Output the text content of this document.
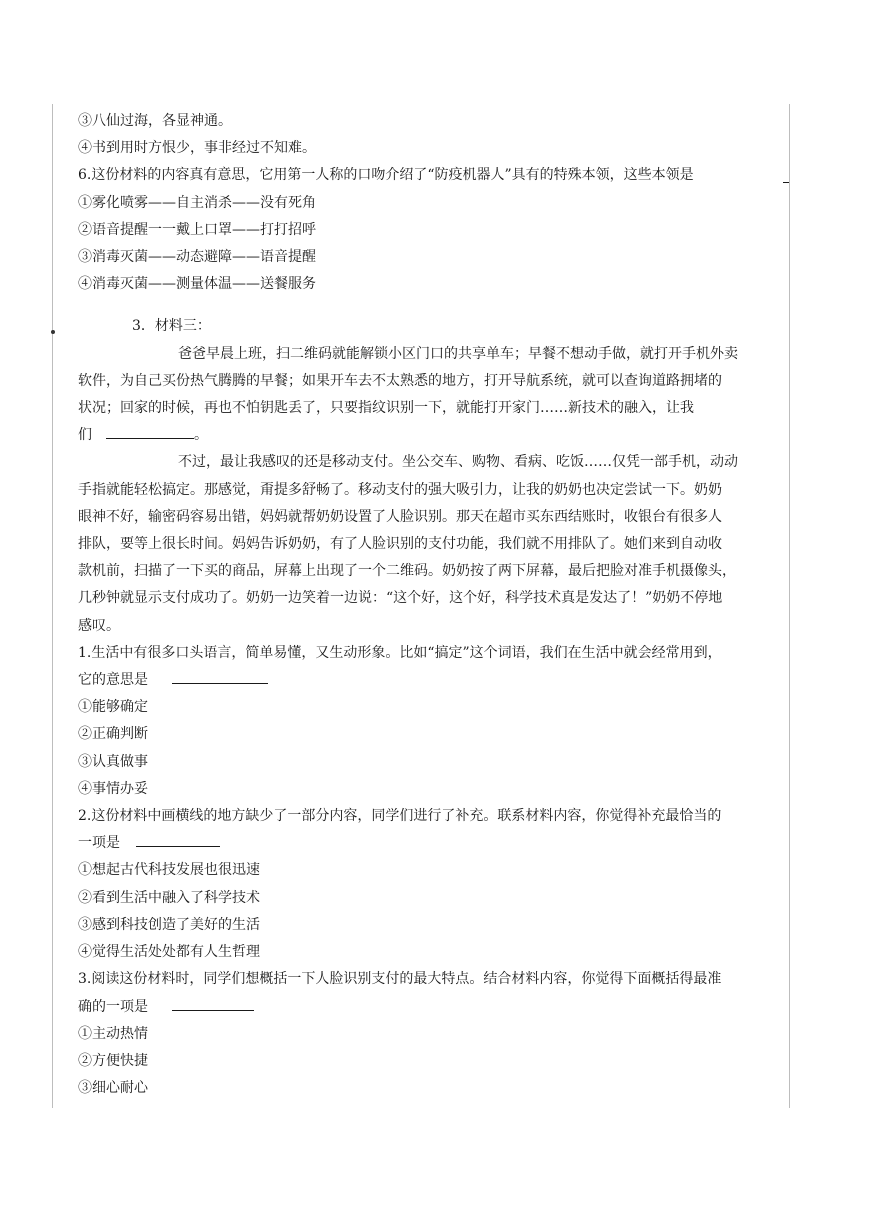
③八仙过海，各显神通。
④书到用时方恨少，事非经过不知难。
6.这份材料的内容真有意思，它用第一人称的口吻介绍了“防疫机器人”具有的特殊本领，这些本领是
①雾化喷雾——自主消杀——没有死角
②语音提醒一一戴上口罩——打打招呼
③消毒灭菌——动态避障——语音提醒
④消毒灭菌——测量体温——送餐服务
3．材料三：
爸爸早晨上班，扫二维码就能解锁小区门口的共享单车；早餐不想动手做，就打开手机外卖
软件，为自己买份热气腾腾的早餐；如果开车去不太熟悉的地方，打开导航系统，就可以查询道路拥堵的
状况；回家的时候，再也不怕钥匙丢了，只要指纹识别一下，就能打开家门……新技术的融入，让我
们	。
不过，最让我感叹的还是移动支付。坐公交车、购物、看病、吃饭……仅凭一部手机，动动
手指就能轻松搞定。那感觉，甭提多舒畅了。移动支付的强大吸引力，让我的奶奶也决定尝试一下。奶奶
眼神不好，输密码容易出错，妈妈就帮奶奶设置了人脸识别。那天在超市买东西结账时，收银台有很多人
排队，要等上很长时间。妈妈告诉奶奶，有了人脸识别的支付功能，我们就不用排队了。她们来到自动收
款机前，扫描了一下买的商品，屏幕上出现了一个二维码。奶奶按了两下屏幕，最后把脸对准手机摄像头，
几秒钟就显示支付成功了。奶奶一边笑着一边说：“这个好，这个好，科学技术真是发达了！”奶奶不停地
感叹。
1.生活中有很多口头语言，简单易懂，又生动形象。比如“搞定”这个词语，我们在生活中就会经常用到，
它的意思是
①能够确定
②正确判断
③认真做事
④事情办妥
2.这份材料中画横线的地方缺少了一部分内容，同学们进行了补充。联系材料内容，你觉得补充最恰当的
一项是
①想起古代科技发展也很迅速
②看到生活中融入了科学技术
③感到科技创造了美好的生活
④觉得生活处处都有人生哲理
3.阅读这份材料时，同学们想概括一下人脸识别支付的最大特点。结合材料内容，你觉得下面概括得最准
确的一项是
①主动热情
②方便快捷
③细心耐心
